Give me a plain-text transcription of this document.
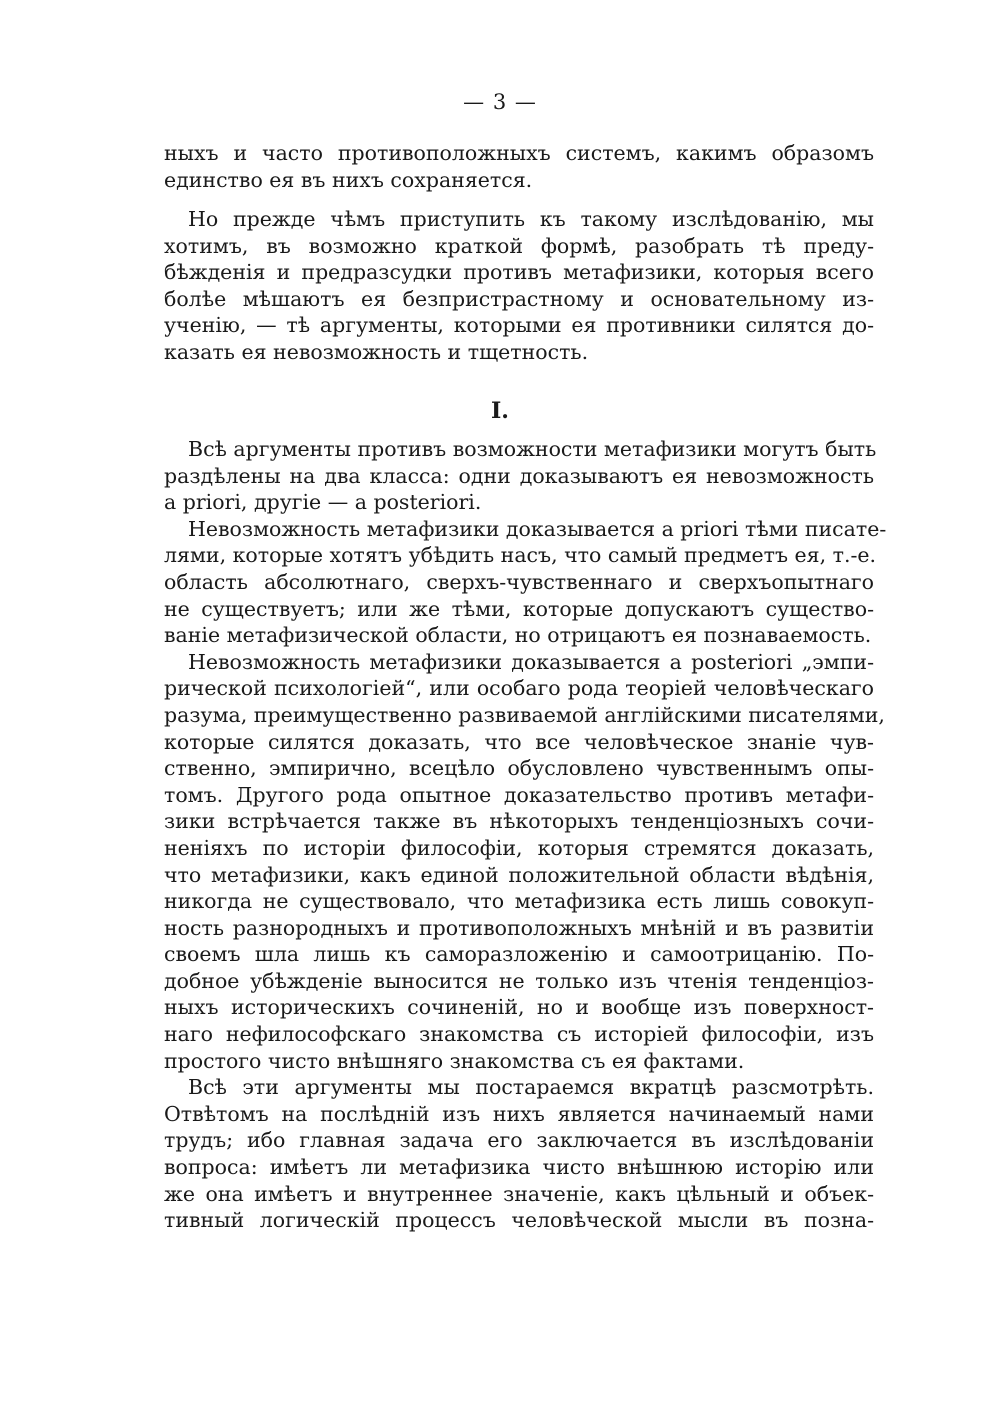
— 3 —
ныхъ и часто противоположныхъ системъ, какимъ образомъ
единство ея въ нихъ сохраняется.
Но прежде чѣмъ приступить къ такому изслѣдованію, мы
хотимъ, въ возможно краткой формѣ, разобрать тѣ преду-
бѣжденія и предразсудки противъ метафизики, которыя всего
болѣе мѣшаютъ ея безпристрастному и основательному из-
ученію, — тѣ аргументы, которыми ея противники силятся до-
казать ея невозможность и тщетность.
I.
Всѣ аргументы противъ возможности метафизики могутъ быть
раздѣлены на два класса: одни доказываютъ ея невозможность
a priori, другіе — a posteriori.
Невозможность метафизики доказывается a priori тѣми писате-
лями, которые хотятъ убѣдить насъ, что самый предметъ ея, т.-е.
область абсолютнаго, сверхъ-чувственнаго и сверхъопытнаго
не существуетъ; или же тѣми, которые допускаютъ существо-
ваніе метафизической области, но отрицаютъ ея познаваемость.
Невозможность метафизики доказывается a posteriori „эмпи-
рической психологіей“, или особаго рода теоріей человѣческаго
разума, преимущественно развиваемой англійскими писателями,
которые силятся доказать, что все человѣческое знаніе чув-
ственно, эмпирично, всецѣло обусловлено чувственнымъ опы-
томъ. Другого рода опытное доказательство противъ метафи-
зики встрѣчается также въ нѣкоторыхъ тенденціозныхъ сочи-
неніяхъ по исторіи философіи, которыя стремятся доказать,
что метафизики, какъ единой положительной области вѣдѣнія,
никогда не существовало, что метафизика есть лишь совокуп-
ность разнородныхъ и противоположныхъ мнѣній и въ развитіи
своемъ шла лишь къ саморазложенію и самоотрицанію. По-
добное убѣжденіе выносится не только изъ чтенія тенденціоз-
ныхъ историческихъ сочиненій, но и вообще изъ поверхност-
наго нефилософскаго знакомства съ исторіей философіи, изъ
простого чисто внѣшняго знакомства съ ея фактами.
Всѣ эти аргументы мы постараемся вкратцѣ разсмотрѣть.
Отвѣтомъ на послѣдній изъ нихъ является начинаемый нами
трудъ; ибо главная задача его заключается въ изслѣдованіи
вопроса: имѣетъ ли метафизика чисто внѣшнюю исторію или
же она имѣетъ и внутреннее значеніе, какъ цѣльный и объек-
тивный логическій процессъ человѣческой мысли въ позна-
